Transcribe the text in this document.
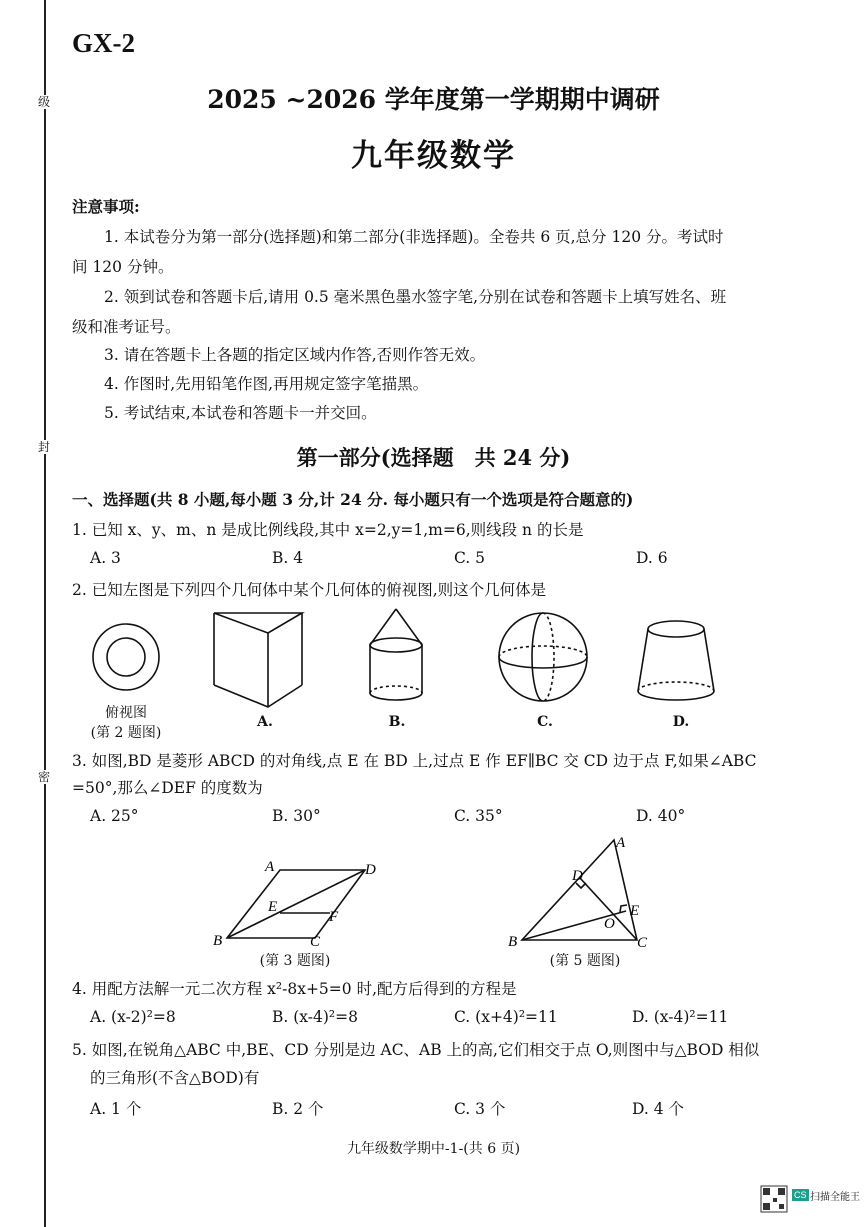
级
封
密
GX-2
2025 ~2026 学年度第一学期期中调研
九年级数学
注意事项:
1. 本试卷分为第一部分(选择题)和第二部分(非选择题)。全卷共 6 页,总分 120 分。考试时
间 120 分钟。
2. 领到试卷和答题卡后,请用 0.5 毫米黑色墨水签字笔,分别在试卷和答题卡上填写姓名、班
级和准考证号。
3. 请在答题卡上各题的指定区域内作答,否则作答无效。
4. 作图时,先用铅笔作图,再用规定签字笔描黑。
5. 考试结束,本试卷和答题卡一并交回。
第一部分(选择题　共 24 分)
一、选择题(共 8 小题,每小题 3 分,计 24 分. 每小题只有一个选项是符合题意的)
1. 已知 x、y、m、n 是成比例线段,其中 x=2,y=1,m=6,则线段 n 的长是
A. 3	B. 4	C. 5	D. 6
2. 已知左图是下列四个几何体中某个几何体的俯视图,则这个几何体是
俯视图
(第 2 题图)
A.	B.	C.	D.
3. 如图,BD 是菱形 ABCD 的对角线,点 E 在 BD 上,过点 E 作 EF∥BC 交 CD 边于点 F,如果∠ABC
=50°,那么∠DEF 的度数为
A. 25°	B. 30°	C. 35°	D. 40°
A	D
E
F
B	C
(第 3 题图)
A
D
E
O
B	C
(第 5 题图)
4. 用配方法解一元二次方程 x²-8x+5=0 时,配方后得到的方程是
A. (x-2)²=8	B. (x-4)²=8	C. (x+4)²=11	D. (x-4)²=11
5. 如图,在锐角△ABC 中,BE、CD 分别是边 AC、AB 上的高,它们相交于点 O,则图中与△BOD 相似
的三角形(不含△BOD)有
A. 1 个	B. 2 个	C. 3 个	D. 4 个
九年级数学期中-1-(共 6 页)
CS 扫描全能王
